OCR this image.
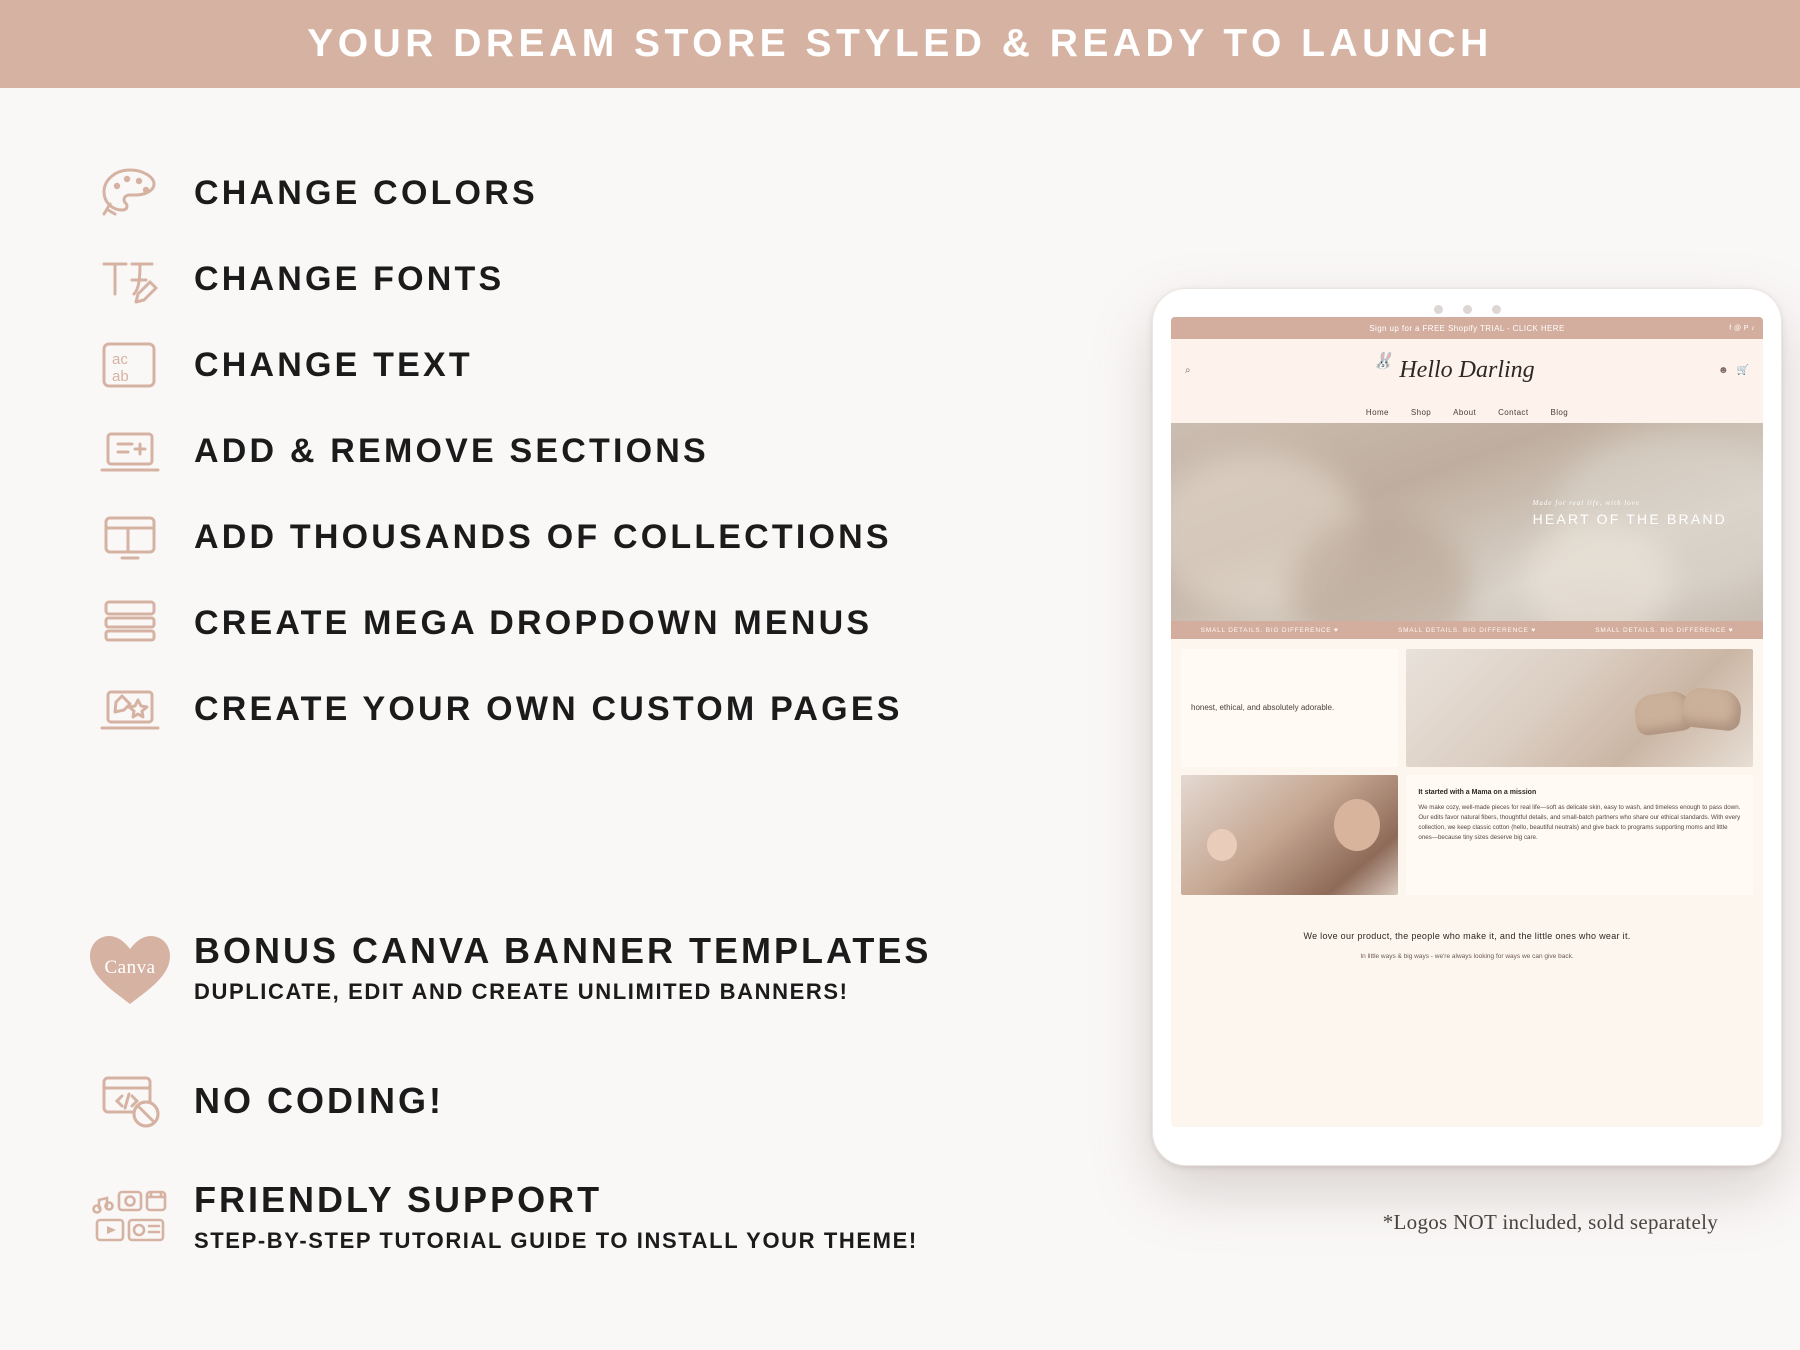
YOUR DREAM STORE STYLED & READY TO LAUNCH
CHANGE COLORS
CHANGE FONTS
ac
ab	CHANGE TEXT
ADD & REMOVE SECTIONS
ADD THOUSANDS OF COLLECTIONS
CREATE MEGA DROPDOWN MENUS
CREATE YOUR OWN CUSTOM PAGES
Canva BONUS CANVA BANNER TEMPLATES
DUPLICATE, EDIT AND CREATE UNLIMITED BANNERS!
NO CODING!
FRIENDLY SUPPORT
STEP-BY-STEP TUTORIAL GUIDE TO INSTALL YOUR THEME!
Sign up for a FREE Shopify TRIAL - CLICK HERE	f @ P ♪
⌕
🐰 Hello Darling	☻ 🛒
Home	Shop	About	Contact	Blog
Made for real life, with love
HEART OF THE BRAND
SMALL DETAILS. BIG DIFFERENCE ♥	SMALL DETAILS. BIG DIFFERENCE ♥	SMALL DETAILS. BIG DIFFERENCE ♥
honest, ethical, and absolutely adorable.
It started with a Mama on a mission
We make cozy, well-made pieces for real life—soft as delicate skin, easy to wash, and timeless enough to pass down. Our edits favor natural fibers, thoughtful details, and small-batch partners who share our ethical standards. With every collection, we keep classic cotton (hello, beautiful neutrals) and give back to programs supporting moms and little ones—because tiny sizes deserve big care.
We love our product, the people who make it, and the little ones who wear it.
In little ways & big ways - we're always looking for ways we can give back.
*Logos NOT included, sold separately
